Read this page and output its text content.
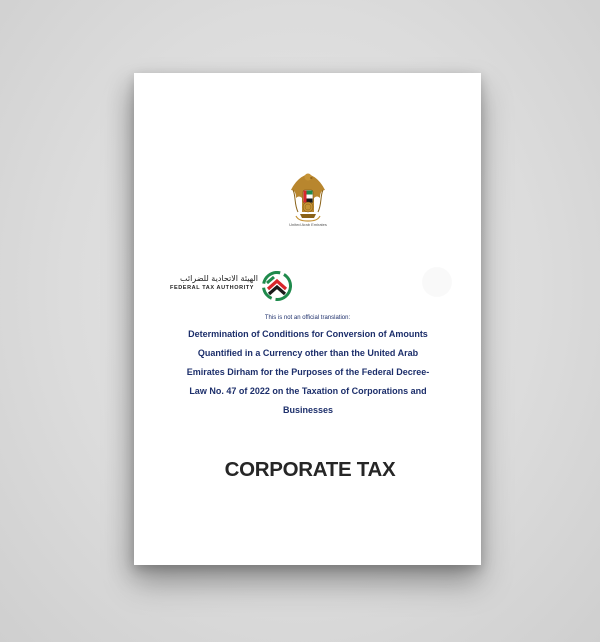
United Arab Emirates
الهيئة الاتحادية للضرائب
FEDERAL TAX AUTHORITY
This is not an official translation:
Determination of Conditions for Conversion of Amounts
Quantified in a Currency other than the United Arab
Emirates Dirham for the Purposes of the Federal Decree-
Law No. 47 of 2022 on the Taxation of Corporations and
Businesses
CORPORATE TAX
